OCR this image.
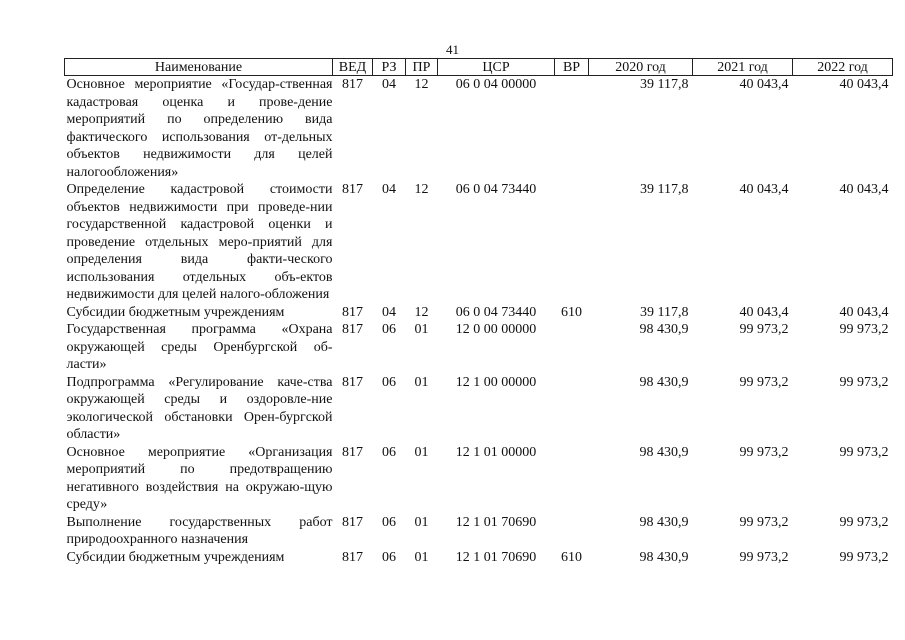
41
Наименование	ВЕД	РЗ	ПР	ЦСР	ВР	2020 год	2021 год	2022 год
Основное мероприятие «Государ-ственная кадастровая оценка и прове-дение мероприятий по определению вида фактического использования от-дельных объектов недвижимости для целей налогообложения»	817	04	12	06 0 04 00000		39 117,8	40 043,4	40 043,4
Определение кадастровой стоимости объектов недвижимости при проведе-нии государственной кадастровой оценки и проведение отдельных меро-приятий для определения вида факти-ческого использования отдельных объ-ектов недвижимости для целей налого-обложения	817	04	12	06 0 04 73440		39 117,8	40 043,4	40 043,4
Субсидии бюджетным учреждениям	817	04	12	06 0 04 73440	610	39 117,8	40 043,4	40 043,4
Государственная программа «Охрана окружающей среды Оренбургской об-ласти»	817	06	01	12 0 00 00000		98 430,9	99 973,2	99 973,2
Подпрограмма «Регулирование каче-ства окружающей среды и оздоровле-ние экологической обстановки Орен-бургской области»	817	06	01	12 1 00 00000		98 430,9	99 973,2	99 973,2
Основное мероприятие «Организация мероприятий по предотвращению негативного воздействия на окружаю-щую среду»	817	06	01	12 1 01 00000		98 430,9	99 973,2	99 973,2
Выполнение государственных работ природоохранного назначения	817	06	01	12 1 01 70690		98 430,9	99 973,2	99 973,2
Субсидии бюджетным учреждениям	817	06	01	12 1 01 70690	610	98 430,9	99 973,2	99 973,2
